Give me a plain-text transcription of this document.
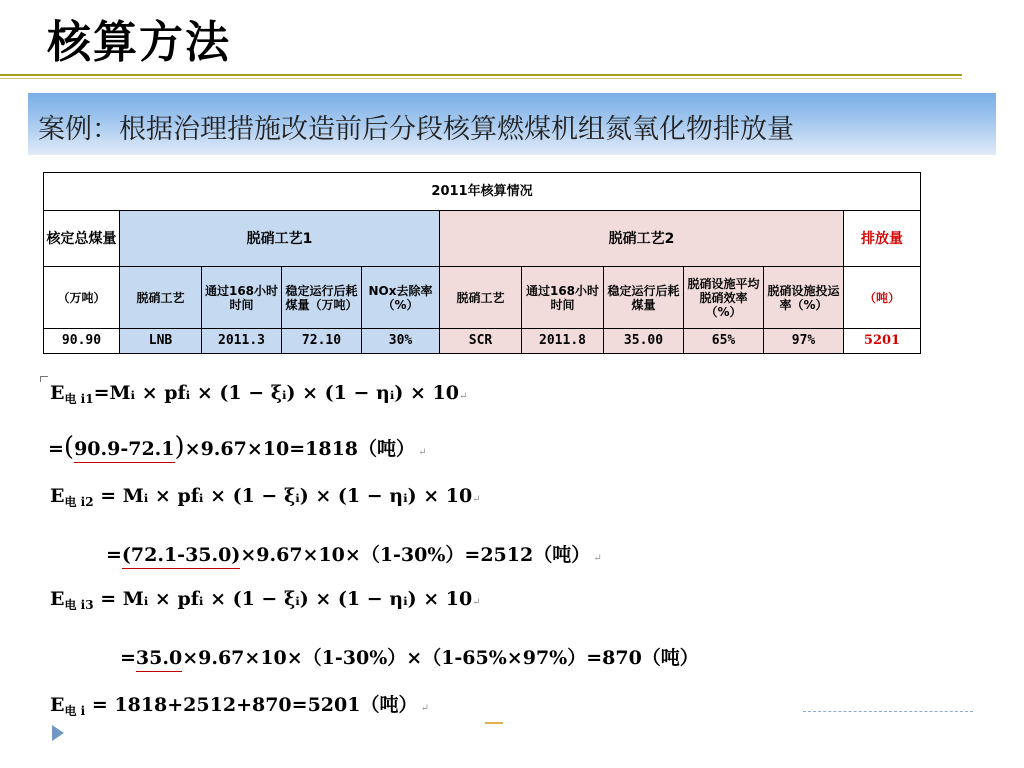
核算方法
案例：根据治理措施改造前后分段核算燃煤机组氮氧化物排放量
2011年核算情况										
核定总煤量	脱硝工艺1				脱硝工艺2					排放量
（万吨）	脱硝工艺	通过168小时时间	稳定运行后耗煤量（万吨）	NOx去除率（%）	脱硝工艺	通过168小时时间	稳定运行后耗煤量	脱硝设施平均脱硝效率（%）	脱硝设施投运率（%）	（吨）
90.90	LNB	2011.3	72.10	30%	SCR	2011.8	35.00	65%	97%	5201
$E_{电 i1}=Mᵢ$ × pfᵢ × (1 − ξᵢ) × (1 − ηᵢ) × 10↵
=(90.9-72.1)×9.67×10=1818（吨） ↵
$E_{电 i2}$ = Mᵢ × pfᵢ × (1 − ξᵢ) × (1 − ηᵢ) × 10↵
=(72.1-35.0)×9.67×10×（1-30%）=2512（吨） ↵
$E_{电 i3}$ = Mᵢ × pfᵢ × (1 − ξᵢ) × (1 − ηᵢ) × 10↵
=35.0×9.67×10×（1-30%）×（1-65%×97%）=870（吨）
$E_{电 i} = 1818+2512+870=5201$（吨） ↵
